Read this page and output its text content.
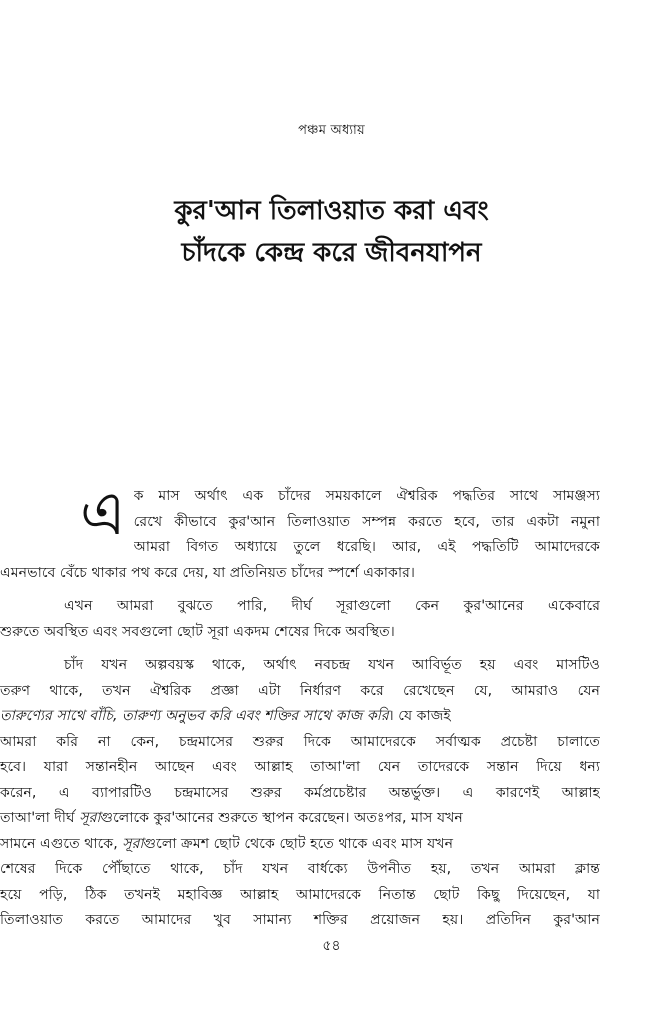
পঞ্চম অধ্যায়
কুর'আন তিলাওয়াত করা এবং
চাঁদকে কেন্দ্র করে জীবনযাপন
এ ক মাস অর্থাৎ এক চাঁদের সময়কালে ঐশ্বরিক পদ্ধতির সাথে সামঞ্জস্য
রেখে কীভাবে কুর'আন তিলাওয়াত সম্পন্ন করতে হবে, তার একটা নমুনা
আমরা বিগত অধ্যায়ে তুলে ধরেছি। আর, এই পদ্ধতিটি আমাদেরকে
এমনভাবে বেঁচে থাকার পথ করে দেয়, যা প্রতিনিয়ত চাঁদের স্পর্শে একাকার।
এখন আমরা বুঝতে পারি, দীর্ঘ সূরাগুলো কেন কুর'আনের একেবারে
শুরুতে অবস্থিত এবং সবগুলো ছোট সূরা একদম শেষের দিকে অবস্থিত।
চাঁদ যখন অল্পবয়স্ক থাকে, অর্থাৎ নবচন্দ্র যখন আবির্ভূত হয় এবং মাসটিও
তরুণ থাকে, তখন ঐশ্বরিক প্রজ্ঞা এটা নির্ধারণ করে রেখেছেন যে, আমরাও যেন
তারুণ্যের সাথে বাঁচি, তারুণ্য অনুভব করি এবং শক্তির সাথে কাজ করি। যে কাজই
আমরা করি না কেন, চন্দ্রমাসের শুরুর দিকে আমাদেরকে সর্বাত্মক প্রচেষ্টা চালাতে
হবে। যারা সন্তানহীন আছেন এবং আল্লাহ তাআ'লা যেন তাদেরকে সন্তান দিয়ে ধন্য
করেন, এ ব্যাপারটিও চন্দ্রমাসের শুরুর কর্মপ্রচেষ্টার অন্তর্ভুক্ত। এ কারণেই আল্লাহ
তাআ'লা দীর্ঘ সূরাগুলোকে কুর'আনের শুরুতে স্থাপন করেছেন। অতঃপর, মাস যখন
সামনে এগুতে থাকে, সূরাগুলো ক্রমশ ছোট থেকে ছোট হতে থাকে এবং মাস যখন
শেষের দিকে পৌঁছাতে থাকে, চাঁদ যখন বার্ধক্যে উপনীত হয়, তখন আমরা ক্লান্ত
হয়ে পড়ি, ঠিক তখনই মহাবিজ্ঞ আল্লাহ আমাদেরকে নিতান্ত ছোট কিছু দিয়েছেন, যা
তিলাওয়াত করতে আমাদের খুব সামান্য শক্তির প্রয়োজন হয়। প্রতিদিন কুর'আন
৫৪
